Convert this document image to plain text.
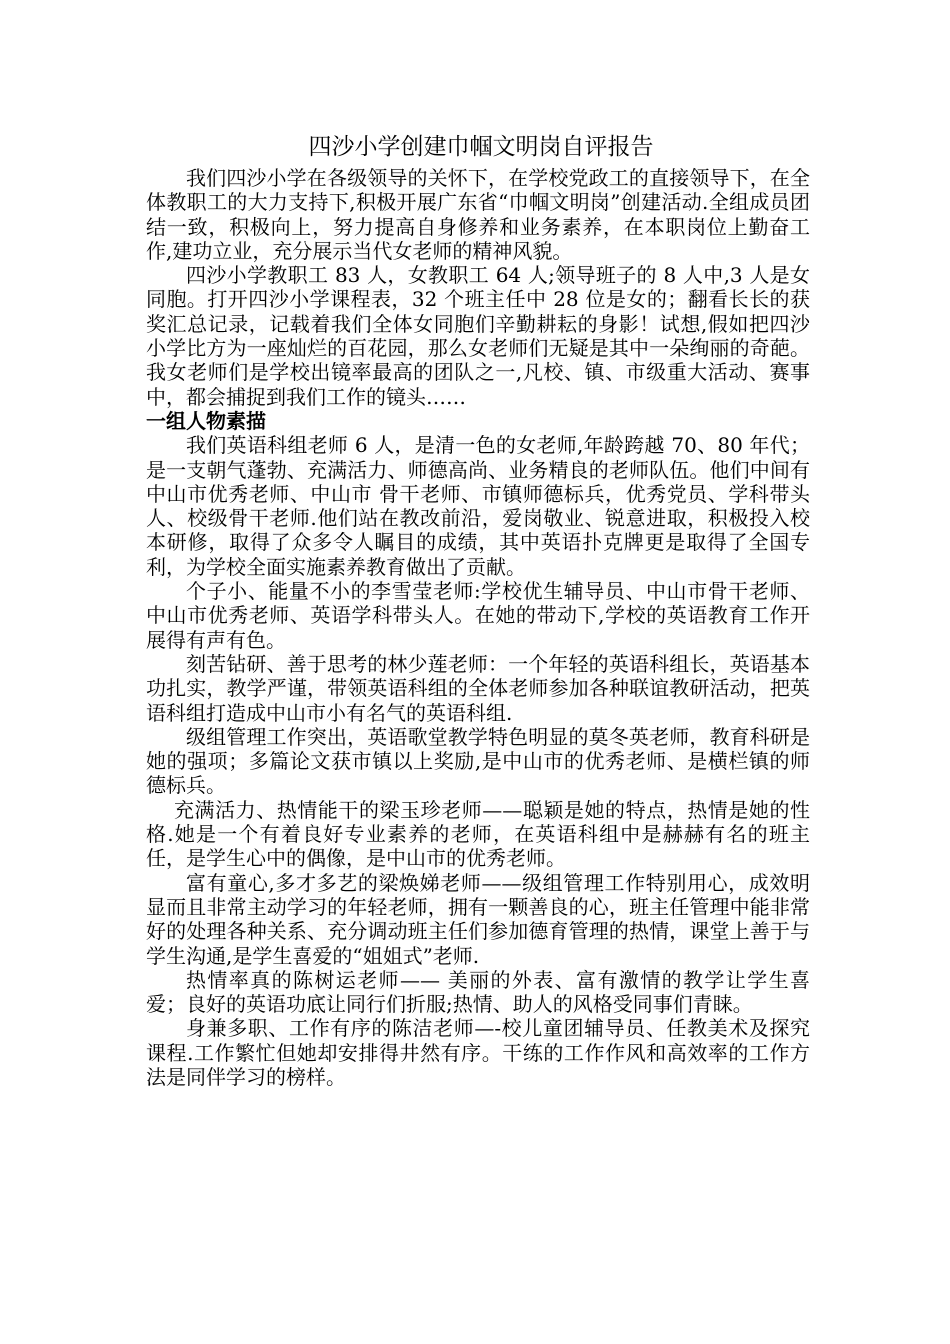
四沙小学创建巾帼文明岗自评报告

我们四沙小学在各级领导的关怀下，在学校党政工的直接领导下，在全体教职工的大力支持下,积极开展广东省“巾帼文明岗”创建活动.全组成员团结一致，积极向上，努力提高自身修养和业务素养，在本职岗位上勤奋工作,建功立业，充分展示当代女老师的精神风貌。

四沙小学教职工 83 人，女教职工 64 人;领导班子的 8 人中,3 人是女同胞。打开四沙小学课程表，32 个班主任中 28 位是女的；翻看长长的获奖汇总记录，记载着我们全体女同胞们辛勤耕耘的身影！试想,假如把四沙小学比方为一座灿烂的百花园，那么女老师们无疑是其中一朵绚丽的奇葩。我女老师们是学校出镜率最高的团队之一,凡校、镇、市级重大活动、赛事中，都会捕捉到我们工作的镜头……

一组人物素描

我们英语科组老师 6 人，是清一色的女老师,年龄跨越 70、80 年代；是一支朝气蓬勃、充满活力、师德高尚、业务精良的老师队伍。他们中间有中山市优秀老师、中山市 骨干老师、市镇师德标兵，优秀党员、学科带头人、校级骨干老师.他们站在教改前沿，爱岗敬业、锐意进取，积极投入校本研修，取得了众多令人瞩目的成绩，其中英语扑克牌更是取得了全国专利，为学校全面实施素养教育做出了贡献。

个子小、能量不小的李雪莹老师:学校优生辅导员、中山市骨干老师、中山市优秀老师、英语学科带头人。在她的带动下,学校的英语教育工作开展得有声有色。

刻苦钻研、善于思考的林少莲老师：一个年轻的英语科组长，英语基本功扎实，教学严谨，带领英语科组的全体老师参加各种联谊教研活动，把英语科组打造成中山市小有名气的英语科组.

级组管理工作突出，英语歌堂教学特色明显的莫冬英老师，教育科研是她的强项；多篇论文获市镇以上奖励,是中山市的优秀老师、是横栏镇的师德标兵。

充满活力、热情能干的梁玉珍老师——聪颖是她的特点，热情是她的性格.她是一个有着良好专业素养的老师，在英语科组中是赫赫有名的班主任，是学生心中的偶像，是中山市的优秀老师。

富有童心,多才多艺的梁焕娣老师——级组管理工作特别用心，成效明显而且非常主动学习的年轻老师，拥有一颗善良的心，班主任管理中能非常好的处理各种关系、充分调动班主任们参加德育管理的热情，课堂上善于与学生沟通,是学生喜爱的“姐姐式”老师.

热情率真的陈树运老师—— 美丽的外表、富有激情的教学让学生喜爱；良好的英语功底让同行们折服;热情、助人的风格受同事们青睐。

身兼多职、工作有序的陈洁老师—-校儿童团辅导员、任教美术及探究课程.工作繁忙但她却安排得井然有序。干练的工作作风和高效率的工作方法是同伴学习的榜样。
